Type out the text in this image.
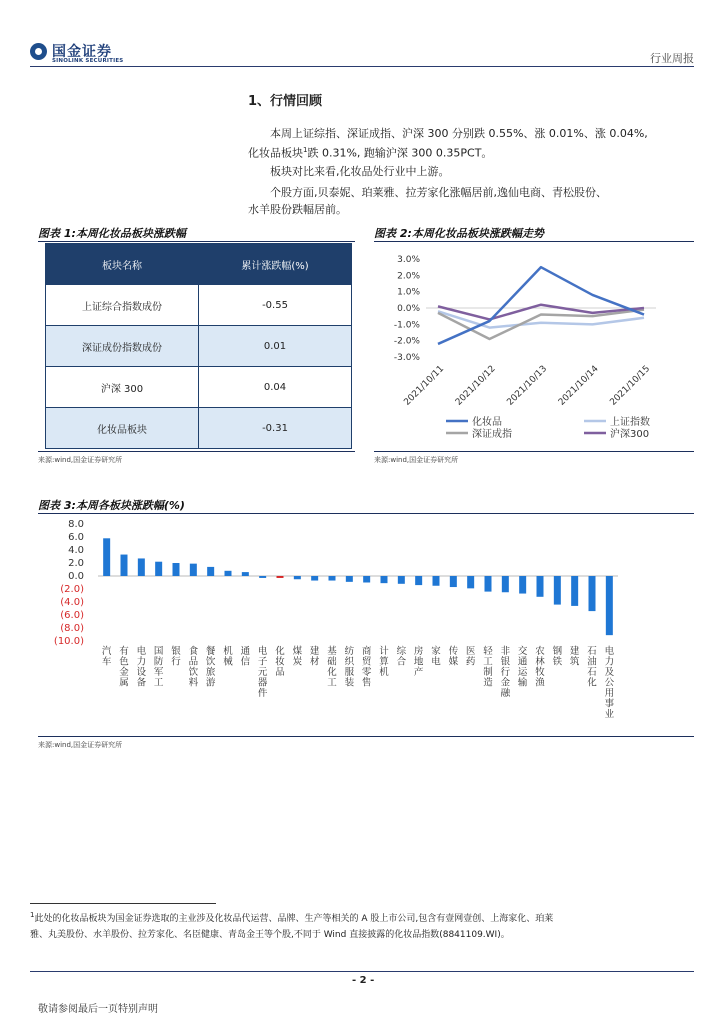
国金证券
SINOLINK SECURITIES	行业周报
1、行情回顾
本周上证综指、深证成指、沪深 300 分别跌 0.55%、涨 0.01%、涨 0.04%,
化妆品板块$^1$跌 0.31%, 跑输沪深 300 0.35PCT。
板块对比来看,化妆品处行业中上游。
个股方面,贝泰妮、珀莱雅、拉芳家化涨幅居前,逸仙电商、青松股份、
水羊股份跌幅居前。
图表 1:本周化妆品板块涨跌幅
板块名称	累计涨跌幅(%)
上证综合指数成份	-0.55
深证成份指数成份	0.01
沪深 300	0.04
化妆品板块	-0.31
来源:wind,国金证券研究所
图表 2:本周化妆品板块涨跌幅走势
3.0%
2.0%
1.0%
0.0%
-1.0%
-2.0%
-3.0%
2021/10/11 2021/10/12 2021/10/13 2021/10/14 2021/10/15
化妆品	上证指数
深证成指	沪深300
来源:wind,国金证券研究所
图表 3:本周各板块涨跌幅(%)
8.0
6.0
4.0
2.0
0.0
(2.0)
(4.0)
(6.0)
(8.0)
(10.0)
汽车
有色金属
电力设备
国防军工
银行
食品饮料
餐饮旅游
机械
通信
电子元器件
化妆品
煤炭
建材
基础化工
纺织服装
商贸零售
计算机
综合
房地产
家电
传媒
医药
轻工制造
非银行金融
交通运输
农林牧渔
钢铁
建筑
石油石化
电力及公用事业
来源:wind,国金证券研究所
$^1$此处的化妆品板块为国金证券选取的主业涉及化妆品代运营、品牌、生产等相关的 A 股上市公司,包含有壹网壹创、上海家化、珀莱
雅、丸美股份、水羊股份、拉芳家化、名臣健康、青岛金王等个股,不同于 Wind 直接披露的化妆品指数(8841109.WI)。
- 2 -
敬请参阅最后一页特别声明
